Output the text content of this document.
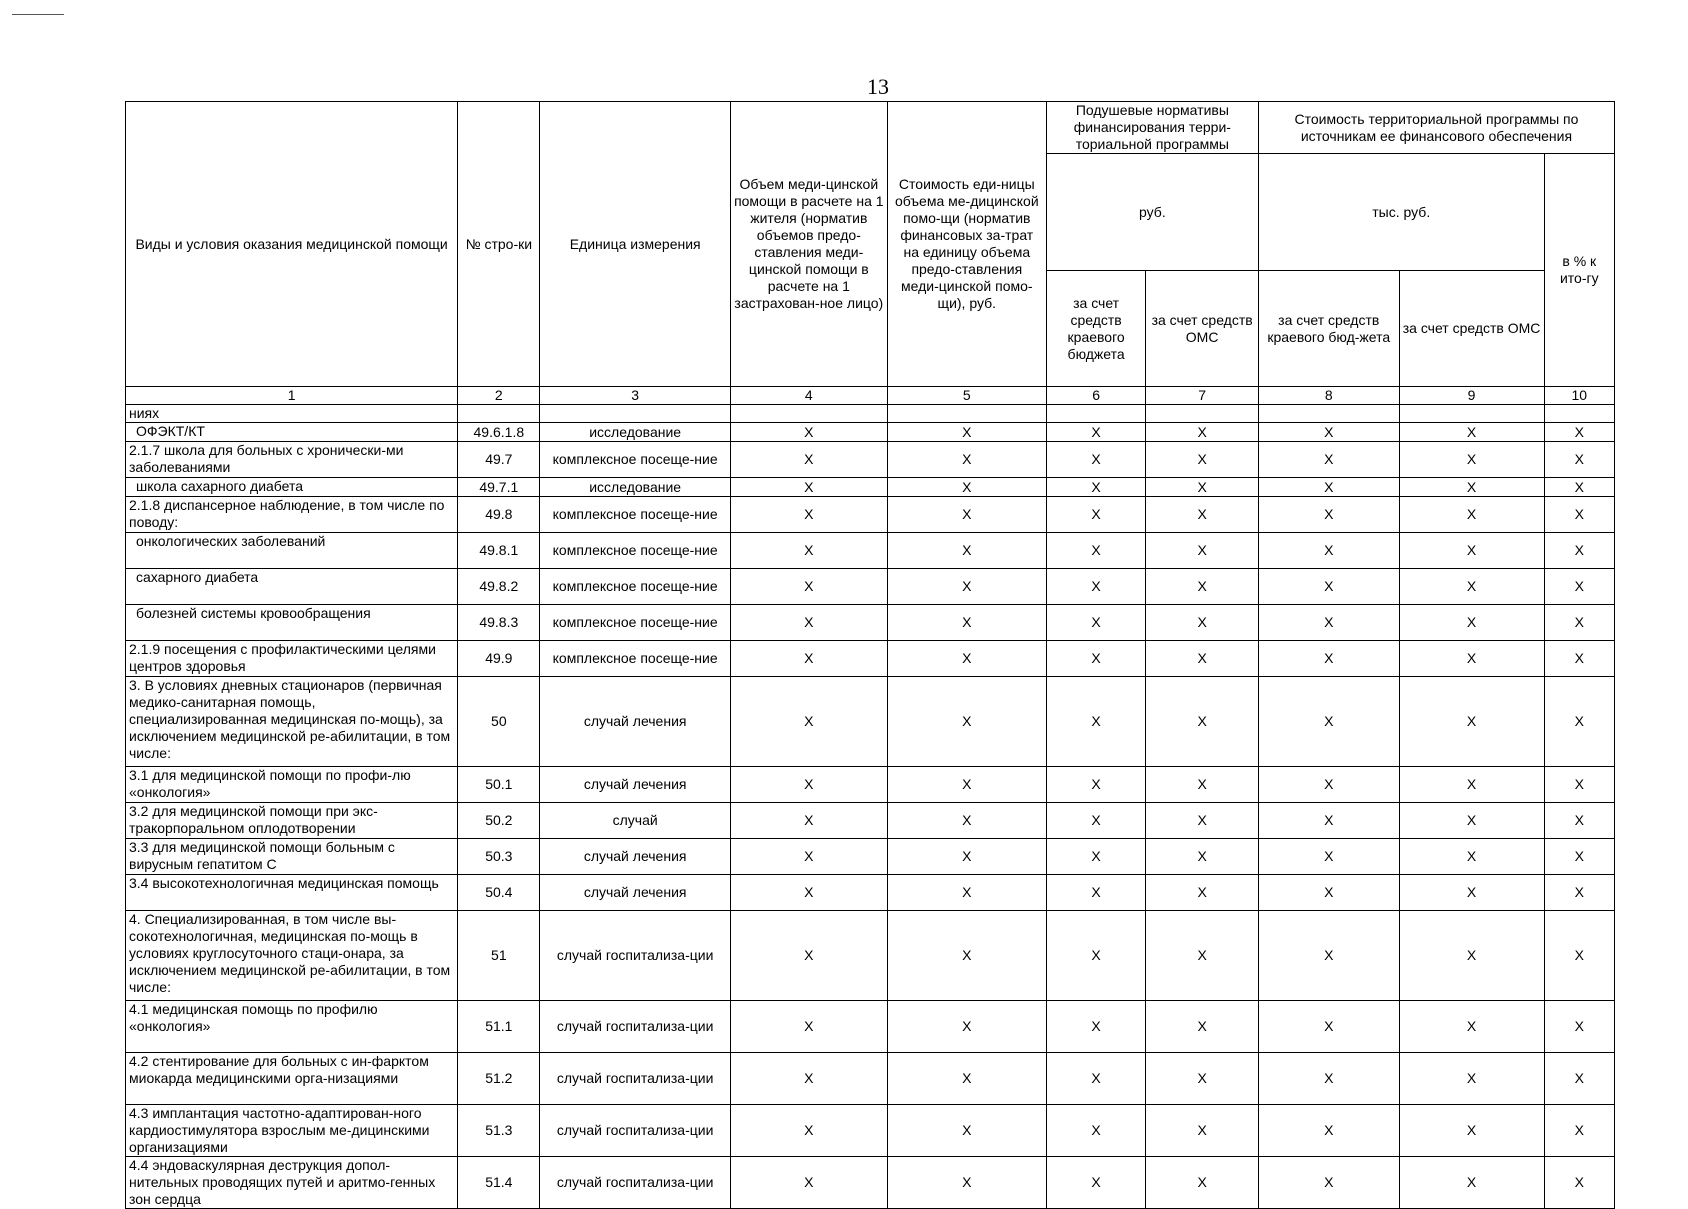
13
Виды и условия оказания медицинской помощи	№ стро-ки	Единица измерения	Объем меди-цинской помощи в расчете на 1 жителя (норматив объемов предо-ставления меди-цинской помощи в расчете на 1 застрахован-ное лицо)	Стоимость еди-ницы объема ме-дицинской помо-щи (норматив финансовых за-трат на единицу объема предо-ставления меди-цинской помо-щи), руб.	Подушевые нормативы финансирования терри-ториальной программы		Стоимость территориальной программы по источникам ее финансового обеспечения		
					руб.		тыс. руб.		в % к ито-гу
					за счет средств краевого бюджета	за счет средств ОМС	за счет средств краевого бюд-жета	за счет средств ОМС	

1	2	3	4	5	6	7	8	9	10
ниях									
ОФЭКТ/КТ	49.6.1.8	исследование	X	X	X	X	X	X	X
2.1.7 школа для больных с хронически-ми заболеваниями	49.7	комплексное посеще-ние	X	X	X	X	X	X	X
школа сахарного диабета	49.7.1	исследование	X	X	X	X	X	X	X
2.1.8 диспансерное наблюдение, в том числе по поводу:	49.8	комплексное посеще-ние	X	X	X	X	X	X	X
онкологических заболеваний	49.8.1	комплексное посеще-ние	X	X	X	X	X	X	X
сахарного диабета	49.8.2	комплексное посеще-ние	X	X	X	X	X	X	X
болезней системы кровообращения	49.8.3	комплексное посеще-ние	X	X	X	X	X	X	X
2.1.9 посещения с профилактическими целями центров здоровья	49.9	комплексное посеще-ние	X	X	X	X	X	X	X
3. В условиях дневных стационаров (первичная медико-санитарная помощь, специализированная медицинская по-мощь), за исключением медицинской ре-абилитации, в том числе:	50	случай лечения	X	X	X	X	X	X	X
3.1 для медицинской помощи по профи-лю «онкология»	50.1	случай лечения	X	X	X	X	X	X	X
3.2 для медицинской помощи при экс-тракорпоральном оплодотворении	50.2	случай	X	X	X	X	X	X	X
3.3 для медицинской помощи больным с вирусным гепатитом С	50.3	случай лечения	X	X	X	X	X	X	X
3.4 высокотехнологичная медицинская помощь	50.4	случай лечения	X	X	X	X	X	X	X
4. Специализированная, в том числе вы-сокотехнологичная, медицинская по-мощь в условиях круглосуточного стаци-онара, за исключением медицинской ре-абилитации, в том числе:	51	случай госпитализа-ции	X	X	X	X	X	X	X
4.1 медицинская помощь по профилю «онкология»	51.1	случай госпитализа-ции	X	X	X	X	X	X	X
4.2 стентирование для больных с ин-фарктом миокарда медицинскими орга-низациями	51.2	случай госпитализа-ции	X	X	X	X	X	X	X
4.3 имплантация частотно-адаптирован-ного кардиостимулятора взрослым ме-дицинскими организациями	51.3	случай госпитализа-ции	X	X	X	X	X	X	X
4.4 эндоваскулярная деструкция допол-нительных проводящих путей и аритмо-генных зон сердца	51.4	случай госпитализа-ции	X	X	X	X	X	X	X
